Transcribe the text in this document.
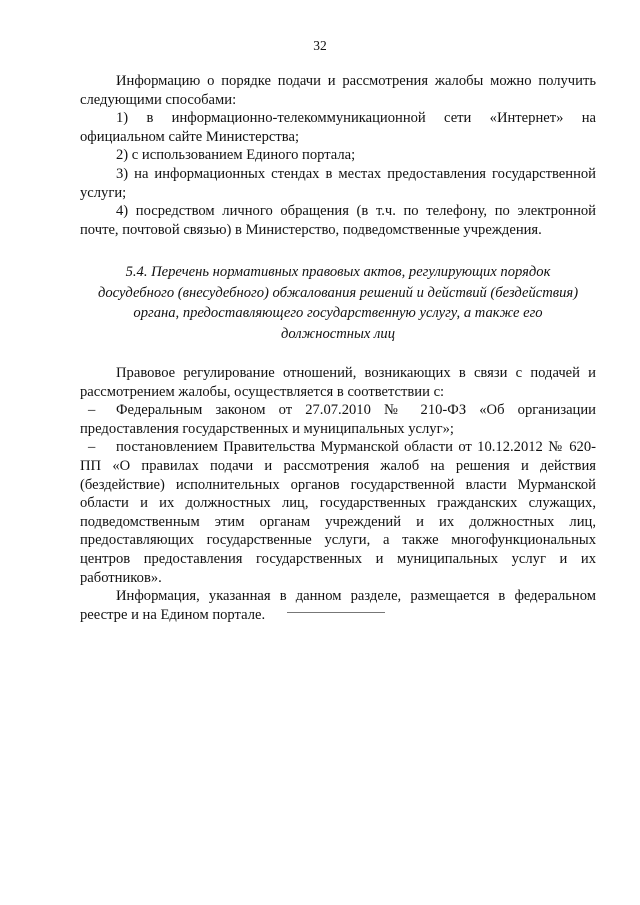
32

Информацию о порядке подачи и рассмотрения жалобы можно получить следующими способами:

1) в информационно-телекоммуникационной сети «Интернет» на официальном сайте Министерства;

2) с использованием Единого портала;

3) на информационных стендах в местах предоставления государственной услуги;

4) посредством личного обращения (в т.ч. по телефону, по электронной почте, почтовой связью) в Министерство, подведомственные учреждения.

5.4. Перечень нормативных правовых актов, регулирующих порядок
досудебного (внесудебного) обжалования решений и действий (бездействия)
органа, предоставляющего государственную услугу, а также его
должностных лиц

Правовое регулирование отношений, возникающих в связи с подачей и рассмотрением жалобы, осуществляется в соответствии с:

– Федеральным законом от 27.07.2010 № 210-ФЗ «Об организации предоставления государственных и муниципальных услуг»;

– постановлением Правительства Мурманской области от 10.12.2012 № 620-ПП «О правилах подачи и рассмотрения жалоб на решения и действия (бездействие) исполнительных органов государственной власти Мурманской области и их должностных лиц, государственных гражданских служащих, подведомственным этим органам учреждений и их должностных лиц, предоставляющих государственные услуги, а также многофункциональных центров предоставления государственных и муниципальных услуг и их работников».

Информация, указанная в данном разделе, размещается в федеральном реестре и на Едином портале.
